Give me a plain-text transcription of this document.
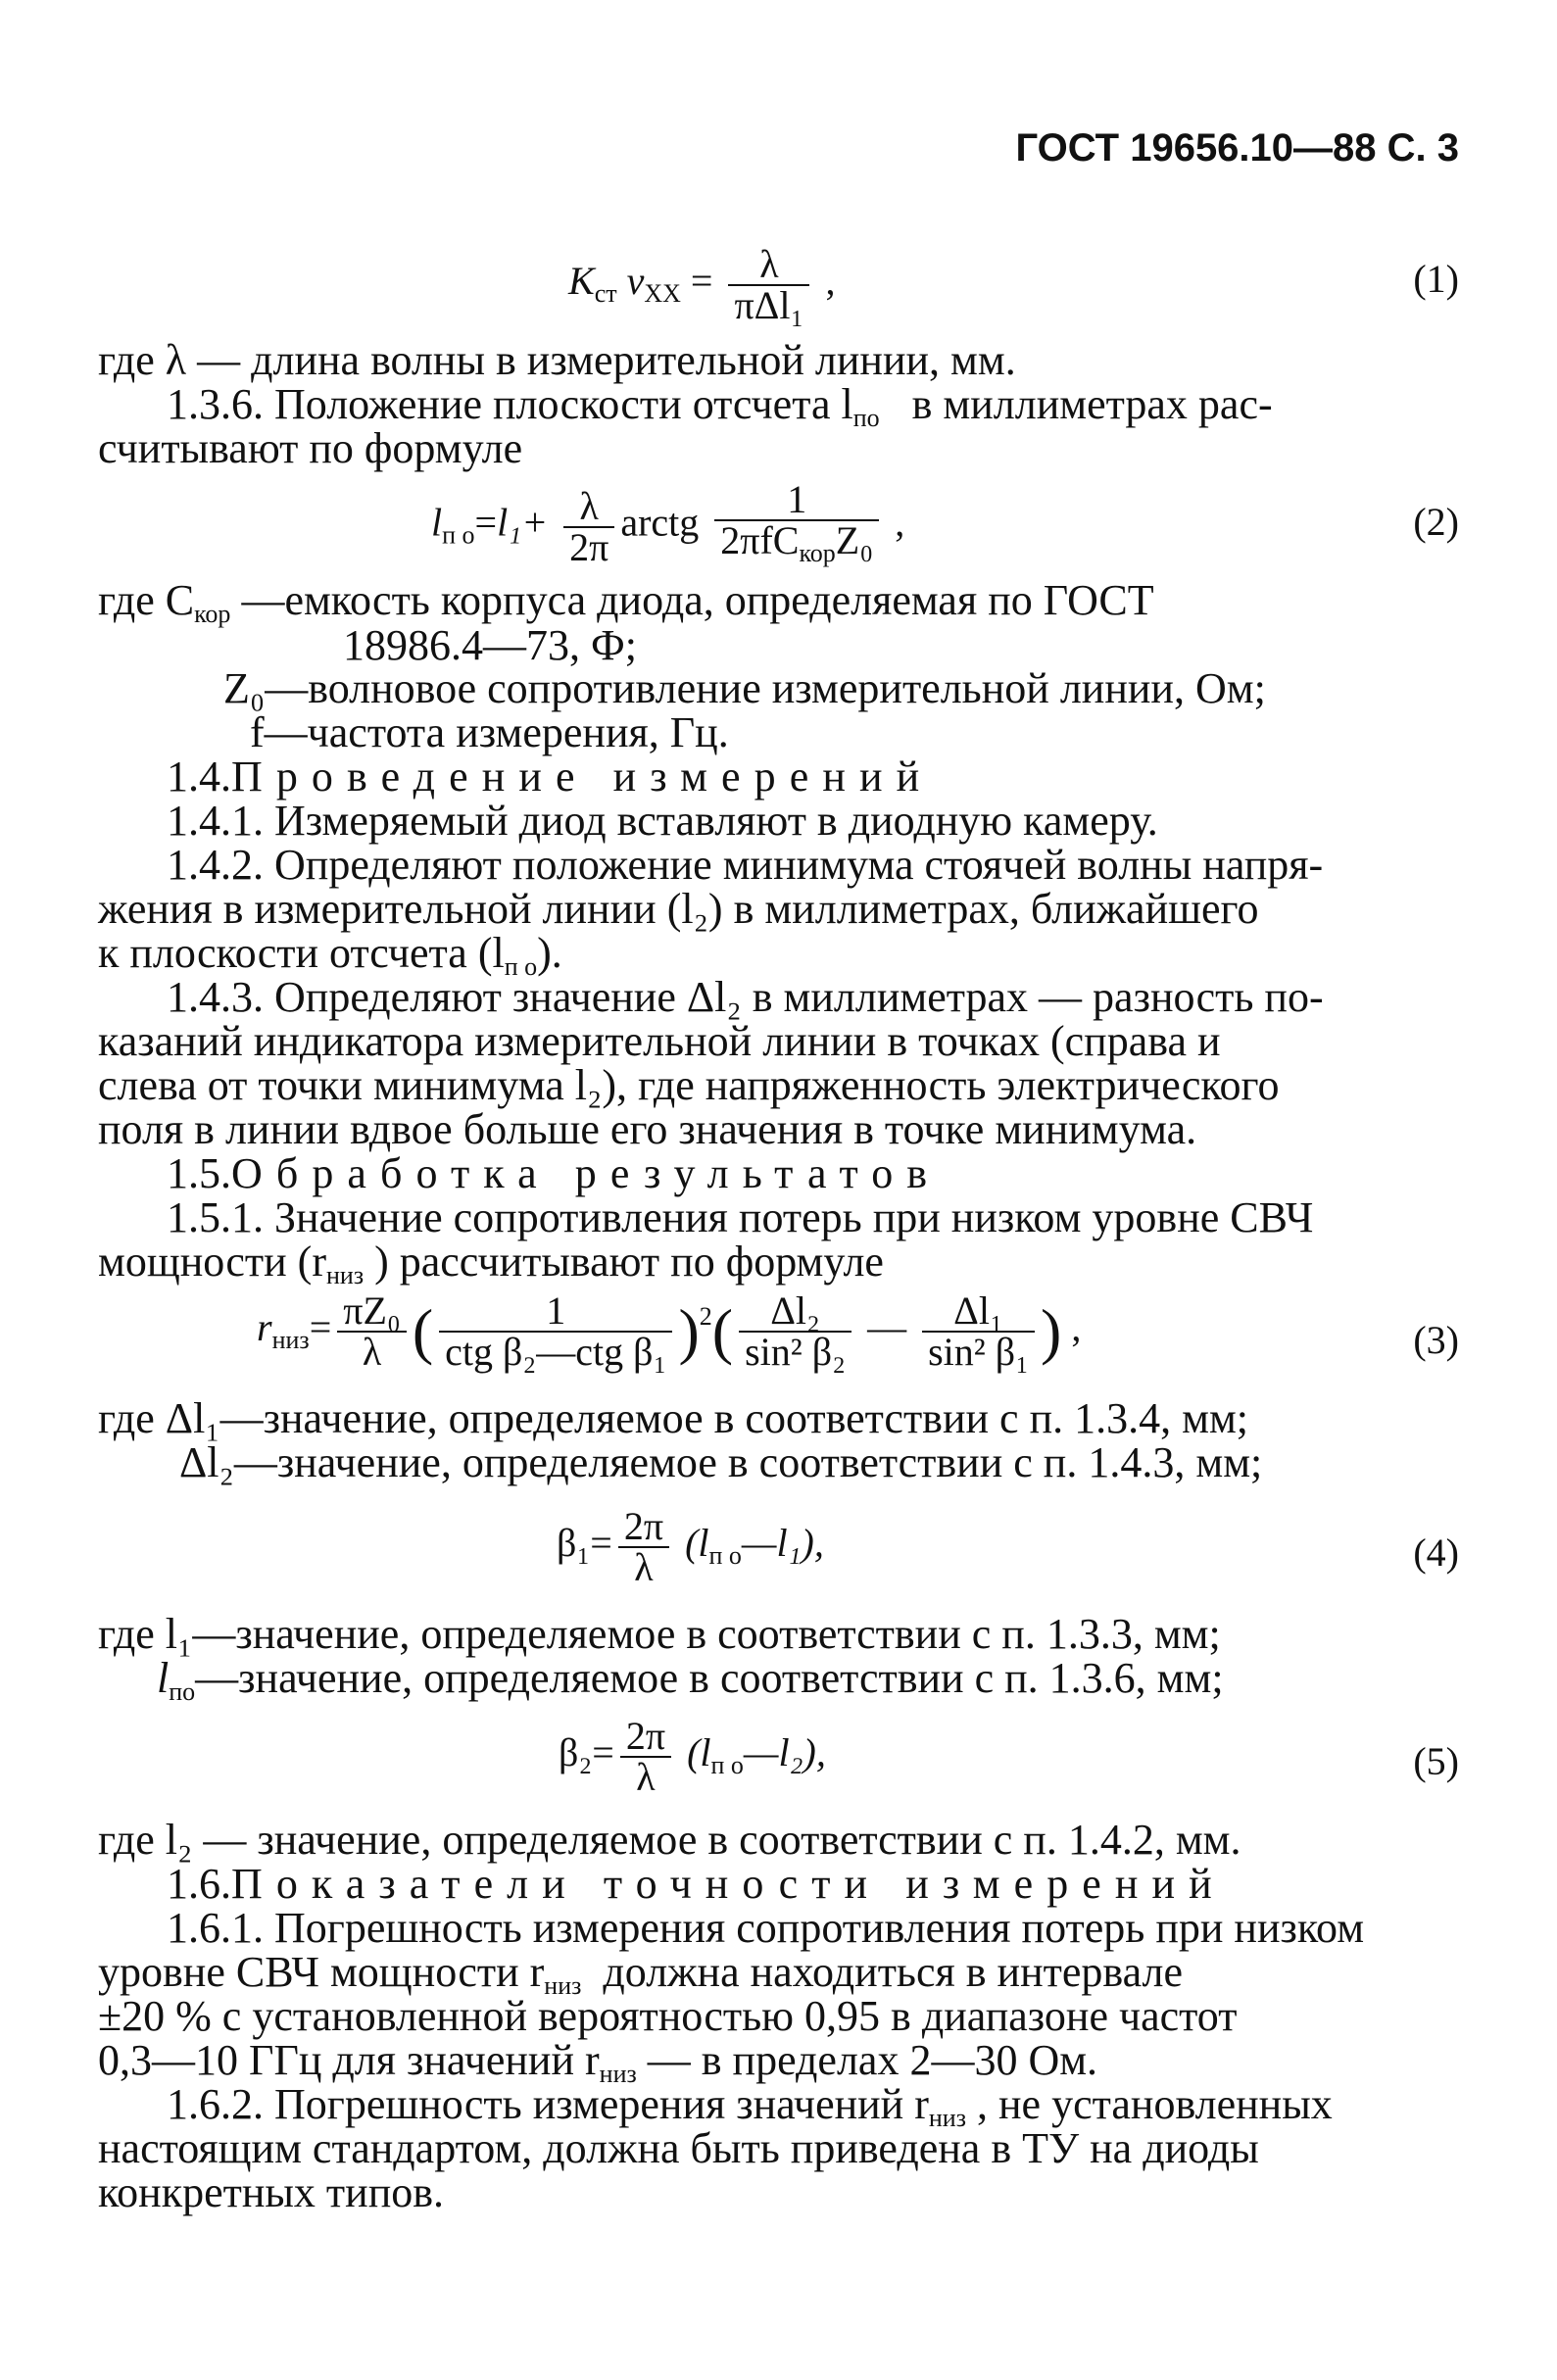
ГОСТ 19656.10—88 С. 3
$K_{ст}$ $v_{XX} = \lambda$
πΔl₁
,	(1)
где λ — длина волны в измерительной линии, мм.
1.3.6. Положение плоскости отсчета $l_{по}$ в миллиметрах рас-
считывают по формуле
$l_{п о}=l_1+ \frac{\lambda}{2\pi}$ arctg
1
2πfC$_{кор}$Z₀ ,	(2)
где $C_{кор}$ —емкость корпуса диода, определяемая по ГОСТ
18986.4—73, Ф;
Z₀—волновое сопротивление измерительной линии, Ом;
f—частота измерения, Гц.
1.4.Проведение измерений
1.4.1. Измеряемый диод вставляют в диодную камеру.
1.4.2. Определяют положение минимума стоячей волны напря-
жения в измерительной линии (l₂) в миллиметрах, ближайшего
к плоскости отсчета $(l_{п о})$.
1.4.3. Определяют значение Δl₂ в миллиметрах — разность по-
казаний индикатора измерительной линии в точках (справа и
слева от точки минимума l₂), где напряженность электрического
поля в линии вдвое больше его значения в точке минимума.
1.5.Обработка результатов
1.5.1. Значение сопротивления потерь при низком уровне СВЧ
мощности ($r_{низ}$ ) рассчитывают по формуле
$r_{низ}= \frac{\text{πZ₀}}{\lambda}$ (	1
ctg β₂—ctg β₁ )$^2( \frac{\text{Δl₂}}{\text{sin² β₂}}$ — $\frac{\text{Δl₁}}{\text{sin² β₁}}$ ) ,	(3)
где Δl₁—значение, определяемое в соответствии с п. 1.3.4, мм;
Δl₂—значение, определяемое в соответствии с п. 1.4.3, мм;
$\beta_1= \frac{2\pi}{\lambda}$ $(l_{п о}—l_1)$,	(4)
где l₁—значение, определяемое в соответствии с п. 1.3.3, мм;
$l_{по}—значение$, определяемое в соответствии с п. 1.3.6, мм;
$\beta_2= \frac{2\pi}{\lambda}$ $(l_{п о}—l_2)$,	(5)
где l₂ — значение, определяемое в соответствии с п. 1.4.2, мм.
1.6.Показатели точности измерений
1.6.1. Погрешность измерения сопротивления потерь при низком
уровне СВЧ мощности $r_{низ}$ должна находиться в интервале
±20 % с установленной вероятностью 0,95 в диапазоне частот
0,3—10 ГГц для значений $r_{низ}$ — в пределах 2—30 Ом.
1.6.2. Погрешность измерения значений $r_{низ}$ , не установленных
настоящим стандартом, должна быть приведена в ТУ на диоды
конкретных типов.
